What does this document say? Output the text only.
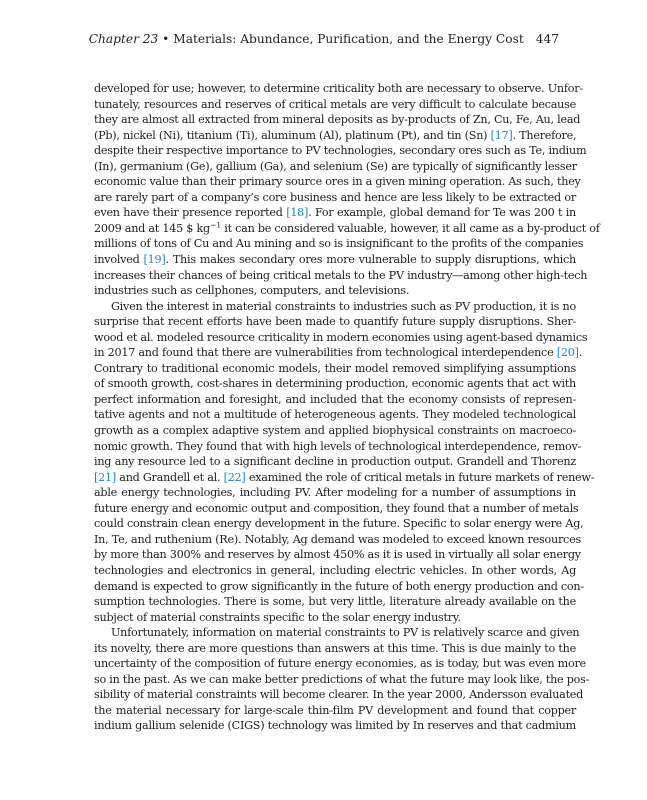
Chapter 23 • Materials: Abundance, Purification, and the Energy Cost 447
developed for use; however, to determine criticality both are necessary to observe. Unfor-
tunately, resources and reserves of critical metals are very difficult to calculate because
they are almost all extracted from mineral deposits as by-products of Zn, Cu, Fe, Au, lead
(Pb), nickel (Ni), titanium (Ti), aluminum (Al), platinum (Pt), and tin (Sn) [17]. Therefore,
despite their respective importance to PV technologies, secondary ores such as Te, indium
(In), germanium (Ge), gallium (Ga), and selenium (Se) are typically of significantly lesser
economic value than their primary source ores in a given mining operation. As such, they
are rarely part of a company’s core business and hence are less likely to be extracted or
even have their presence reported [18]. For example, global demand for Te was 200 t in
2009 and at 145 $ $kg^{-1}$ it can be considered valuable, however, it all came as a by-product of
millions of tons of Cu and Au mining and so is insignificant to the profits of the companies
involved [19]. This makes secondary ores more vulnerable to supply disruptions, which
increases their chances of being critical metals to the PV industry—among other high-tech
industries such as cellphones, computers, and televisions.
Given the interest in material constraints to industries such as PV production, it is no
surprise that recent efforts have been made to quantify future supply disruptions. Sher-
wood et al. modeled resource criticality in modern economies using agent-based dynamics
in 2017 and found that there are vulnerabilities from technological interdependence [20].
Contrary to traditional economic models, their model removed simplifying assumptions
of smooth growth, cost-shares in determining production, economic agents that act with
perfect information and foresight, and included that the economy consists of represen-
tative agents and not a multitude of heterogeneous agents. They modeled technological
growth as a complex adaptive system and applied biophysical constraints on macroeco-
nomic growth. They found that with high levels of technological interdependence, remov-
ing any resource led to a significant decline in production output. Grandell and Thorenz
[21] and Grandell et al. [22] examined the role of critical metals in future markets of renew-
able energy technologies, including PV. After modeling for a number of assumptions in
future energy and economic output and composition, they found that a number of metals
could constrain clean energy development in the future. Specific to solar energy were Ag,
In, Te, and ruthenium (Re). Notably, Ag demand was modeled to exceed known resources
by more than 300% and reserves by almost 450% as it is used in virtually all solar energy
technologies and electronics in general, including electric vehicles. In other words, Ag
demand is expected to grow significantly in the future of both energy production and con-
sumption technologies. There is some, but very little, literature already available on the
subject of material constraints specific to the solar energy industry.
Unfortunately, information on material constraints to PV is relatively scarce and given
its novelty, there are more questions than answers at this time. This is due mainly to the
uncertainty of the composition of future energy economies, as is today, but was even more
so in the past. As we can make better predictions of what the future may look like, the pos-
sibility of material constraints will become clearer. In the year 2000, Andersson evaluated
the material necessary for large-scale thin-film PV development and found that copper
indium gallium selenide (CIGS) technology was limited by In reserves and that cadmium
